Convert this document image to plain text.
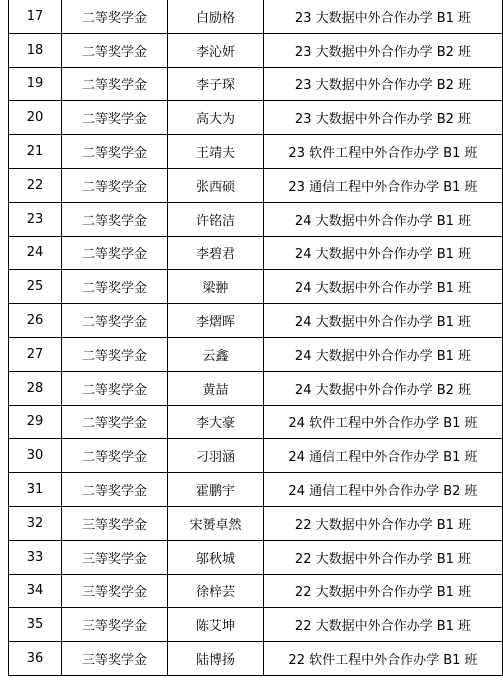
17	二等奖学金	白励格	23 大数据中外合作办学 B1 班
18	二等奖学金	李沁妍	23 大数据中外合作办学 B2 班
19	二等奖学金	李子琛	23 大数据中外合作办学 B2 班
20	二等奖学金	高大为	23 大数据中外合作办学 B2 班
21	二等奖学金	王靖夫	23 软件工程中外合作办学 B1 班
22	二等奖学金	张西硕	23 通信工程中外合作办学 B1 班
23	二等奖学金	许铭洁	24 大数据中外合作办学 B1 班
24	二等奖学金	李碧君	24 大数据中外合作办学 B1 班
25	二等奖学金	梁翀	24 大数据中外合作办学 B1 班
26	二等奖学金	李熠晖	24 大数据中外合作办学 B1 班
27	二等奖学金	云鑫	24 大数据中外合作办学 B1 班
28	二等奖学金	黄喆	24 大数据中外合作办学 B2 班
29	二等奖学金	李大豪	24 软件工程中外合作办学 B1 班
30	二等奖学金	刁羽涵	24 通信工程中外合作办学 B1 班
31	二等奖学金	霍鹏宇	24 通信工程中外合作办学 B2 班
32	三等奖学金	宋赟卓然	22 大数据中外合作办学 B1 班
33	三等奖学金	邬秋城	22 大数据中外合作办学 B1 班
34	三等奖学金	徐梓芸	22 大数据中外合作办学 B1 班
35	三等奖学金	陈艾坤	22 大数据中外合作办学 B1 班
36	三等奖学金	陆博扬	22 软件工程中外合作办学 B1 班
